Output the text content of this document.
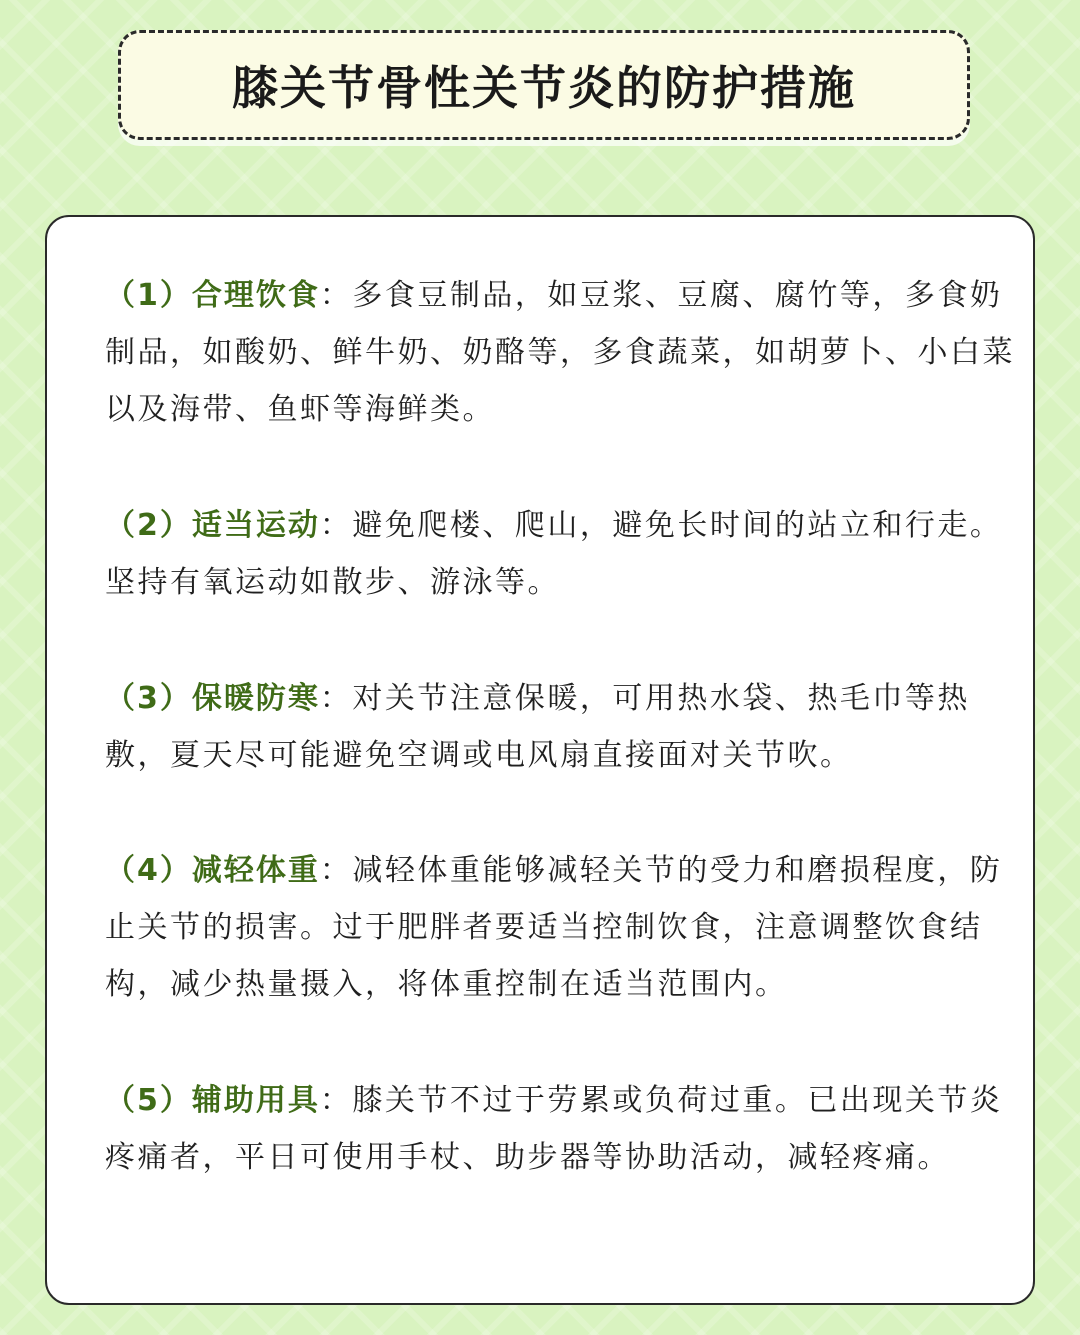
膝关节骨性关节炎的防护措施
（1）合理饮食：多食豆制品，如豆浆、豆腐、腐竹等，多食奶制品，如酸奶、鲜牛奶、奶酪等，多食蔬菜，如胡萝卜、小白菜以及海带、鱼虾等海鲜类。
（2）适当运动：避免爬楼、爬山，避免长时间的站立和行走。坚持有氧运动如散步、游泳等。
（3）保暖防寒：对关节注意保暖，可用热水袋、热毛巾等热敷，夏天尽可能避免空调或电风扇直接面对关节吹。
（4）减轻体重：减轻体重能够减轻关节的受力和磨损程度，防止关节的损害。过于肥胖者要适当控制饮食，注意调整饮食结构，减少热量摄入，将体重控制在适当范围内。
（5）辅助用具：膝关节不过于劳累或负荷过重。已出现关节炎疼痛者，平日可使用手杖、助步器等协助活动，减轻疼痛。
